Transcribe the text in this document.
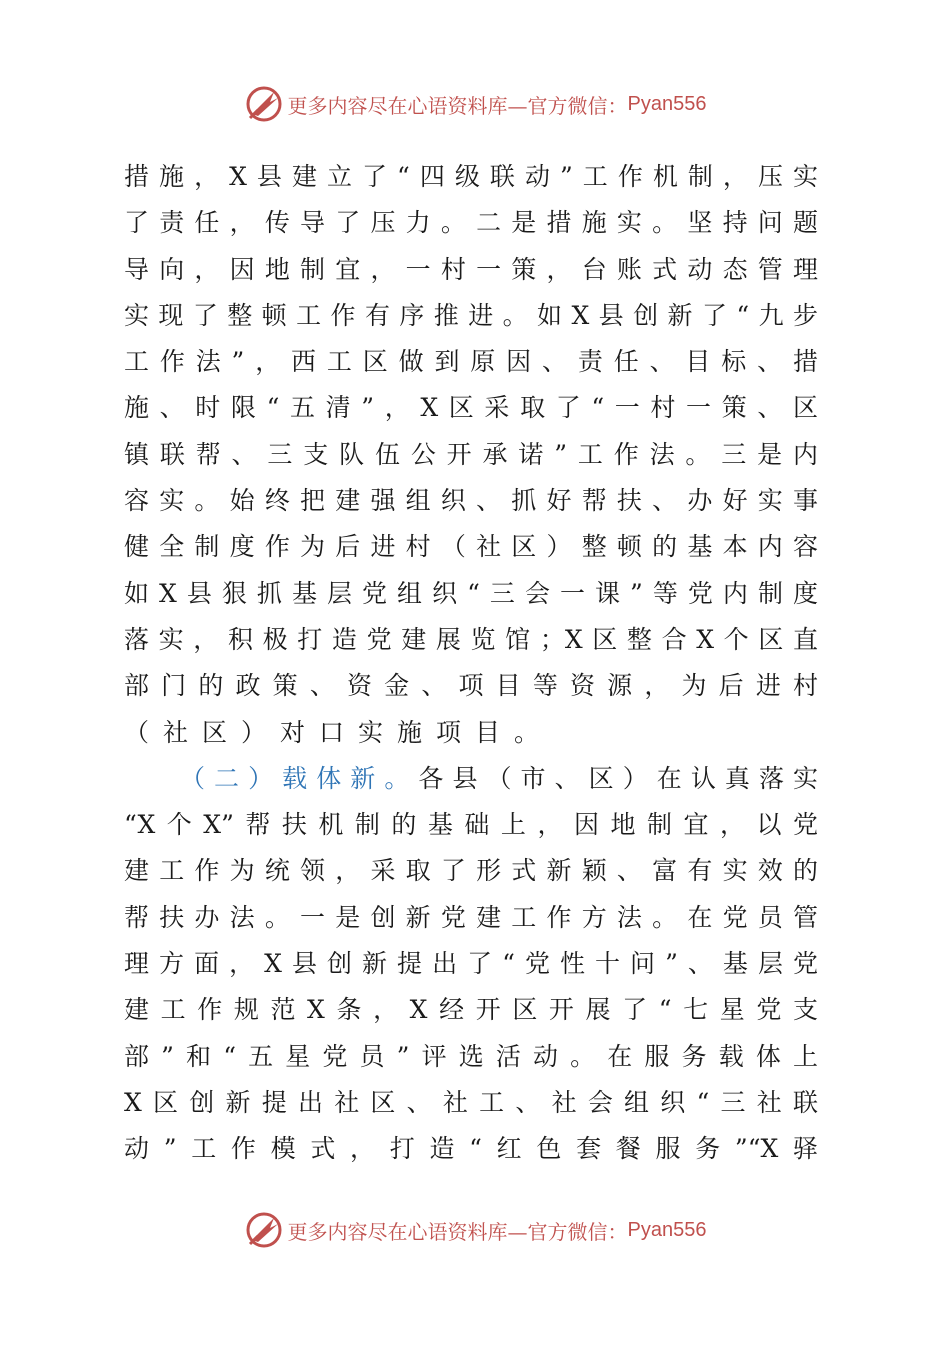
更多内容尽在心语资料库— 官方微信： Pyan556
措施，X县建立了“四级联动”工作机制，压实
了责任，传导了压力。二是措施实。坚持问题
导向，因地制宜，一村一策，台账式动态管理
实现了整顿工作有序推进。如X县创新了“九步
工作法”，西工区做到原因、责任、目标、措
施、时限“五清”，X区采取了“一村一策、区
镇联帮、三支队伍公开承诺”工作法。三是内
容实。始终把建强组织、抓好帮扶、办好实事
健全制度作为后进村（社区）整顿的基本内容
如X县狠抓基层党组织“三会一课”等党内制度
落实，积极打造党建展览馆；X区整合X个区直
部门的政策、资金、项目等资源，为后进村
（社区）对口实施项目。
（二）载体新。各县（市、区）在认真落实
“X个X”帮扶机制的基础上，因地制宜，以党
建工作为统领，采取了形式新颖、富有实效的
帮扶办法。一是创新党建工作方法。在党员管
理方面，X县创新提出了“党性十问”、基层党
建工作规范X条，X经开区开展了“七星党支
部”和“五星党员”评选活动。在服务载体上
X区创新提出社区、社工、社会组织“三社联
动”工作模式，打造“红色套餐服务”“X驿
更多内容尽在心语资料库— 官方微信： Pyan556
